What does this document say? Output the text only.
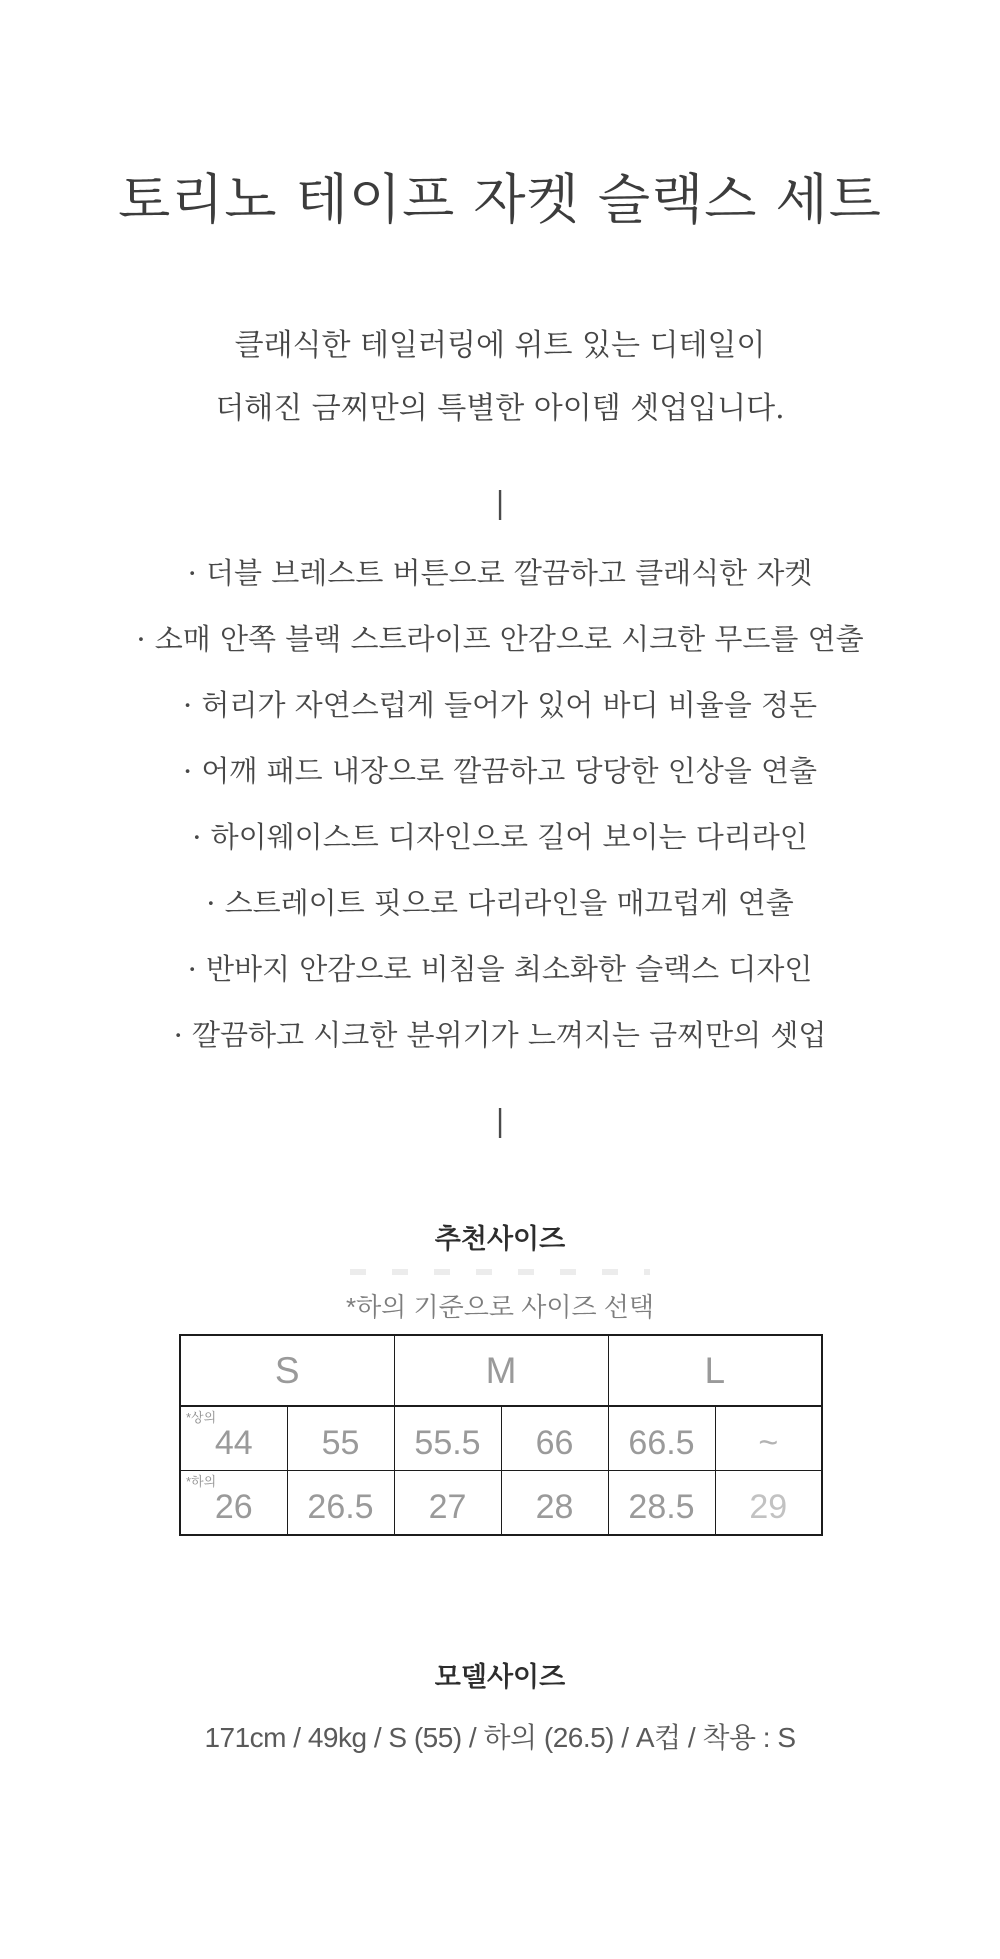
토리노 테이프 자켓 슬랙스 세트
클래식한 테일러링에 위트 있는 디테일이
더해진 금찌만의 특별한 아이템 셋업입니다.
|
· 더블 브레스트 버튼으로 깔끔하고 클래식한 자켓
· 소매 안쪽 블랙 스트라이프 안감으로 시크한 무드를 연출
· 허리가 자연스럽게 들어가 있어 바디 비율을 정돈
· 어깨 패드 내장으로 깔끔하고 당당한 인상을 연출
· 하이웨이스트 디자인으로 길어 보이는 다리라인
· 스트레이트 핏으로 다리라인을 매끄럽게 연출
· 반바지 안감으로 비침을 최소화한 슬랙스 디자인
· 깔끔하고 시크한 분위기가 느껴지는 금찌만의 셋업
|
추천사이즈
*하의 기준으로 사이즈 선택
S		M		L	

*상의
44	55	55.5	66	66.5	~

*하의
26	26.5	27	28	28.5	29
모델사이즈
171cm / 49kg / S (55) / 하의 (26.5) / A컵 / 착용 : S
